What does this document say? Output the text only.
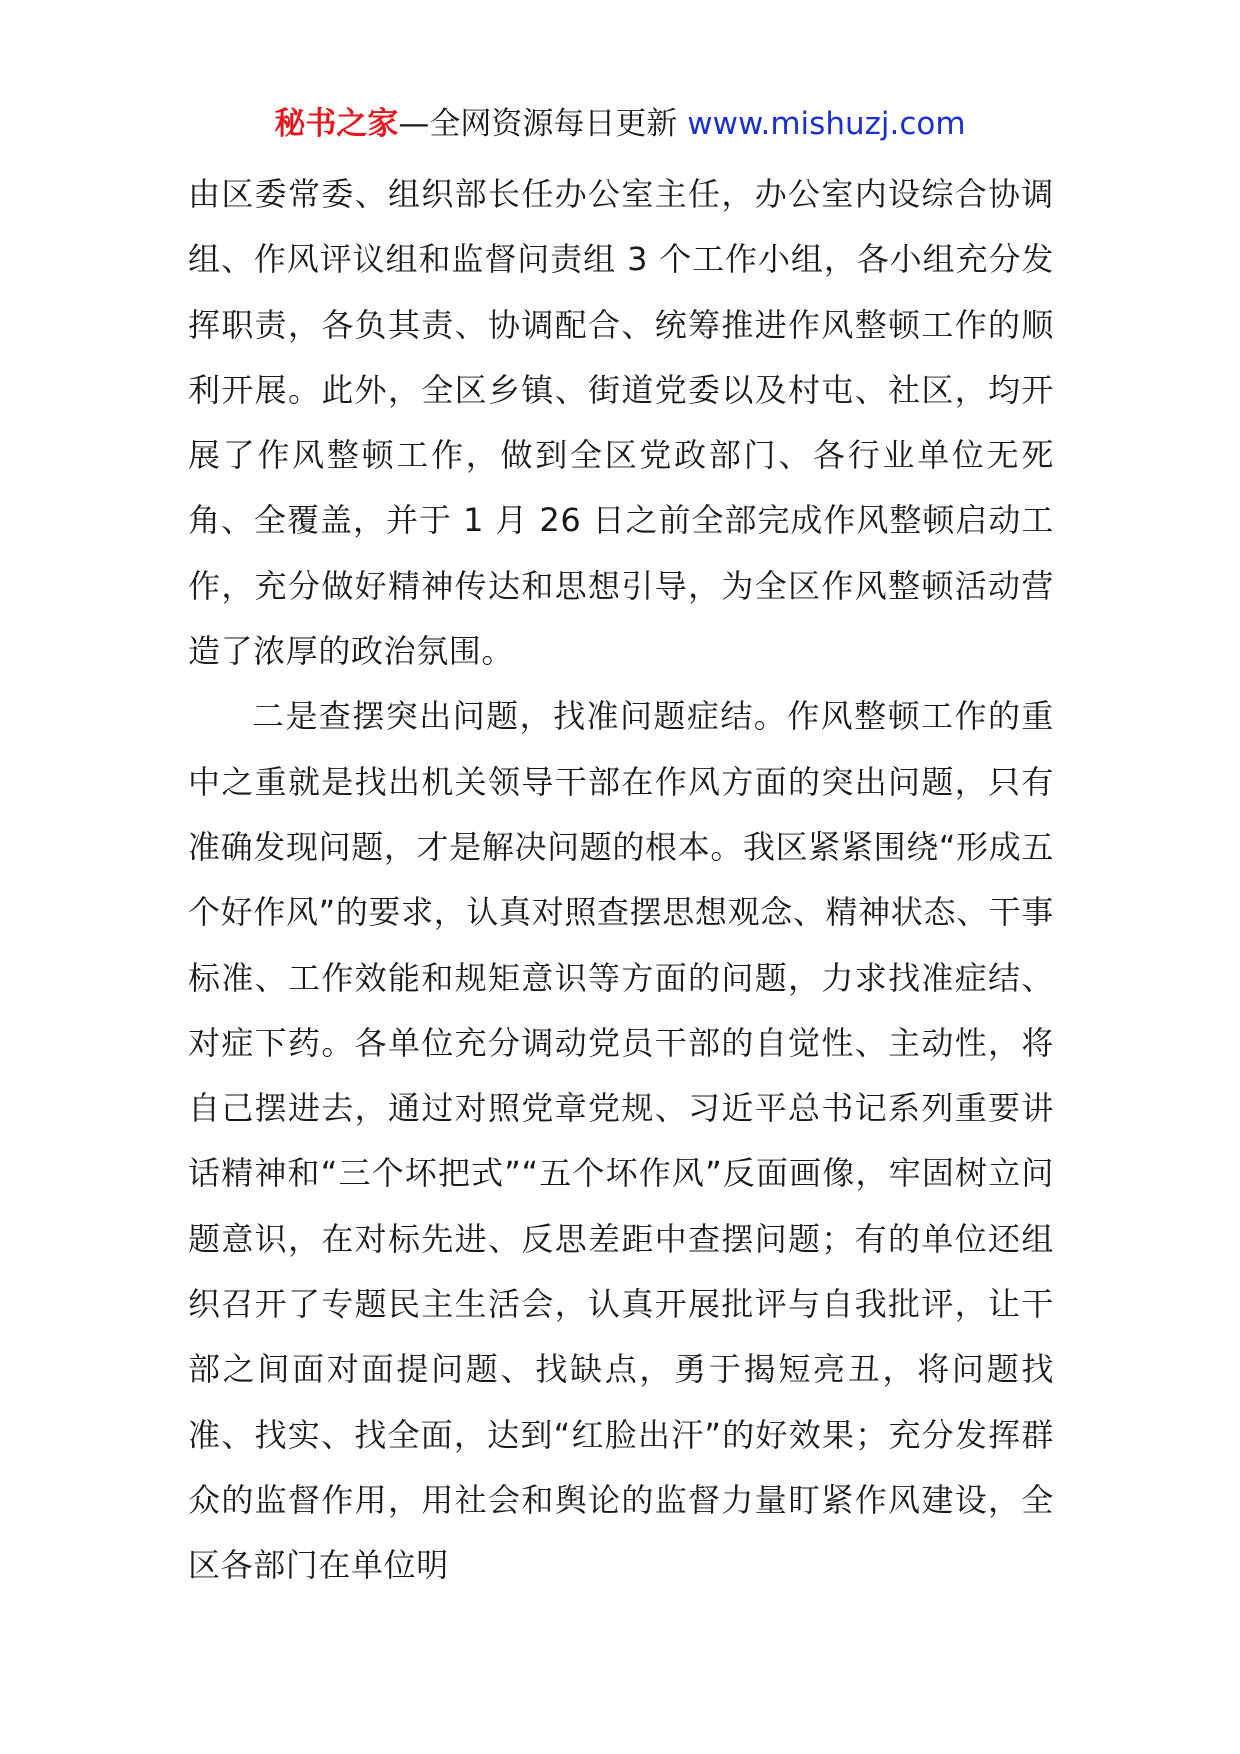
秘书之家—全网资源每日更新 www.mishuzj.com

由区委常委、组织部长任办公室主任，办公室内设综合协调组、作风评议组和监督问责组 3 个工作小组，各小组充分发挥职责，各负其责、协调配合、统筹推进作风整顿工作的顺利开展。此外，全区乡镇、街道党委以及村屯、社区，均开展了作风整顿工作，做到全区党政部门、各行业单位无死角、全覆盖，并于 1 月 26 日之前全部完成作风整顿启动工作，充分做好精神传达和思想引导，为全区作风整顿活动营造了浓厚的政治氛围。

二是查摆突出问题，找准问题症结。作风整顿工作的重中之重就是找出机关领导干部在作风方面的突出问题，只有准确发现问题，才是解决问题的根本。我区紧紧围绕“形成五个好作风”的要求，认真对照查摆思想观念、精神状态、干事标准、工作效能和规矩意识等方面的问题，力求找准症结、对症下药。各单位充分调动党员干部的自觉性、主动性，将自己摆进去，通过对照党章党规、习近平总书记系列重要讲话精神和“三个坏把式”“五个坏作风”反面画像，牢固树立问题意识，在对标先进、反思差距中查摆问题；有的单位还组织召开了专题民主生活会，认真开展批评与自我批评，让干部之间面对面提问题、找缺点，勇于揭短亮丑，将问题找准、找实、找全面，达到“红脸出汗”的好效果；充分发挥群众的监督作用，用社会和舆论的监督力量盯紧作风建设，全区各部门在单位明
